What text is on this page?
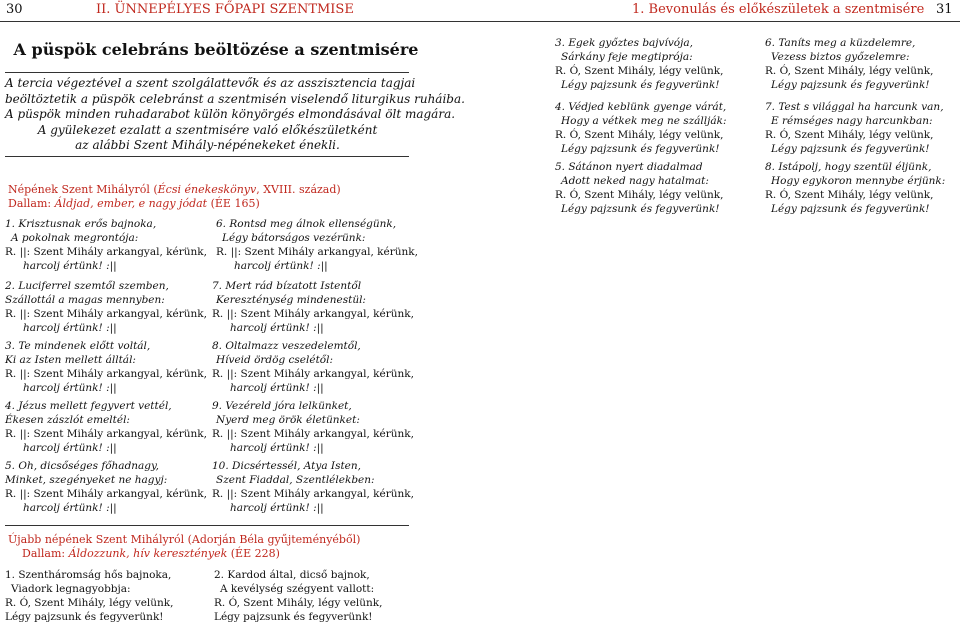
30	II. ÜNNEPÉLYES FŐPAPI SZENTMISE	1. Bevonulás és előkészületek a szentmisére 31
A püspök celebráns beöltözése a szentmisére
A tercia végeztével a szent szolgálattevők és az asszisztencia tagjai
beöltöztetik a püspök celebránst a szentmisén viselendő liturgikus ruháiba.
A püspök minden ruhadarabot külön könyörgés elmondásával ölt magára.
A gyülekezet ezalatt a szentmisére való előkészületként
az alábbi Szent Mihály-népénekeket énekli.
Népének Szent Mihályról (Écsi énekeskönyv, XVIII. század)
Dallam: Áldjad, ember, e nagy jódat (ÉE 165)
1. Krisztusnak erős bajnoka,
A pokolnak megrontója:
R. ||: Szent Mihály arkangyal, kérünk,
harcolj értünk! :||
2. Luciferrel szemtől szemben,
Szállottál a magas mennyben:
R. ||: Szent Mihály arkangyal, kérünk,
harcolj értünk! :||
3. Te mindenek előtt voltál,
Ki az Isten mellett álltál:
R. ||: Szent Mihály arkangyal, kérünk,
harcolj értünk! :||
4. Jézus mellett fegyvert vettél,
Ékesen zászlót emeltél:
R. ||: Szent Mihály arkangyal, kérünk,
harcolj értünk! :||
5. Oh, dicsőséges főhadnagy,
Minket, szegényeket ne hagyj:
R. ||: Szent Mihály arkangyal, kérünk,
harcolj értünk! :||
6. Rontsd meg álnok ellenségünk,
Légy bátorságos vezérünk:
R. ||: Szent Mihály arkangyal, kérünk,
harcolj értünk! :||
7. Mert rád bízatott Istentől
Kereszténység mindenestül:
R. ||: Szent Mihály arkangyal, kérünk,
harcolj értünk! :||
8. Oltalmazz veszedelemtől,
Híveid ördög cselétől:
R. ||: Szent Mihály arkangyal, kérünk,
harcolj értünk! :||
9. Vezéreld jóra lelkünket,
Nyerd meg örök életünket:
R. ||: Szent Mihály arkangyal, kérünk,
harcolj értünk! :||
10. Dicsértessél, Atya Isten,
Szent Fiaddal, Szentlélekben:
R. ||: Szent Mihály arkangyal, kérünk,
harcolj értünk! :||
Újabb népének Szent Mihályról (Adorján Béla gyűjteményéből)
Dallam: Áldozzunk, hív keresztények (ÉE 228)
1. Szentháromság hős bajnoka,
Viadork legnagyobbja:
R. Ó, Szent Mihály, légy velünk,
Légy pajzsunk és fegyverünk!
2. Kardod által, dicső bajnok,
A kevélység szégyent vallott:
R. Ó, Szent Mihály, légy velünk,
Légy pajzsunk és fegyverünk!
3. Egek győztes bajvívója,
Sárkány feje megtiprója:
R. Ó, Szent Mihály, légy velünk,
Légy pajzsunk és fegyverünk!
4. Védjed keblünk gyenge várát,
Hogy a vétkek meg ne szállják:
R. Ó, Szent Mihály, légy velünk,
Légy pajzsunk és fegyverünk!
5. Sátánon nyert diadalmad
Adott neked nagy hatalmat:
R. Ó, Szent Mihály, légy velünk,
Légy pajzsunk és fegyverünk!
6. Taníts meg a küzdelemre,
Vezess biztos győzelemre:
R. Ó, Szent Mihály, légy velünk,
Légy pajzsunk és fegyverünk!
7. Test s világgal ha harcunk van,
E rémséges nagy harcunkban:
R. Ó, Szent Mihály, légy velünk,
Légy pajzsunk és fegyverünk!
8. Istápolj, hogy szentül éljünk,
Hogy egykoron mennybe érjünk:
R. Ó, Szent Mihály, légy velünk,
Légy pajzsunk és fegyverünk!
